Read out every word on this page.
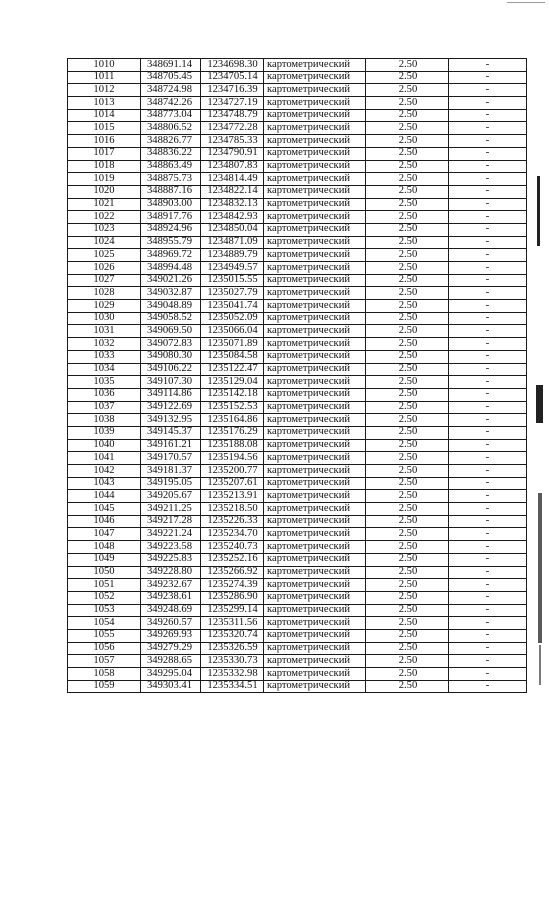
1010	348691.14	1234698.30	картометрический	2.50	-
1011	348705.45	1234705.14	картометрический	2.50	-
1012	348724.98	1234716.39	картометрический	2.50	-
1013	348742.26	1234727.19	картометрический	2.50	-
1014	348773.04	1234748.79	картометрический	2.50	-
1015	348806.52	1234772.28	картометрический	2.50	-
1016	348826.77	1234785.33	картометрический	2.50	-
1017	348836.22	1234790.91	картометрический	2.50	-
1018	348863.49	1234807.83	картометрический	2.50	-
1019	348875.73	1234814.49	картометрический	2.50	-
1020	348887.16	1234822.14	картометрический	2.50	-
1021	348903.00	1234832.13	картометрический	2.50	-
1022	348917.76	1234842.93	картометрический	2.50	-
1023	348924.96	1234850.04	картометрический	2.50	-
1024	348955.79	1234871.09	картометрический	2.50	-
1025	348969.72	1234889.79	картометрический	2.50	-
1026	348994.48	1234949.57	картометрический	2.50	-
1027	349021.26	1235015.55	картометрический	2.50	-
1028	349032.87	1235027.79	картометрический	2.50	-
1029	349048.89	1235041.74	картометрический	2.50	-
1030	349058.52	1235052.09	картометрический	2.50	-
1031	349069.50	1235066.04	картометрический	2.50	-
1032	349072.83	1235071.89	картометрический	2.50	-
1033	349080.30	1235084.58	картометрический	2.50	-
1034	349106.22	1235122.47	картометрический	2.50	-
1035	349107.30	1235129.04	картометрический	2.50	-
1036	349114.86	1235142.18	картометрический	2.50	-
1037	349122.69	1235152.53	картометрический	2.50	-
1038	349132.95	1235164.86	картометрический	2.50	-
1039	349145.37	1235176.29	картометрический	2.50	-
1040	349161.21	1235188.08	картометрический	2.50	-
1041	349170.57	1235194.56	картометрический	2.50	-
1042	349181.37	1235200.77	картометрический	2.50	-
1043	349195.05	1235207.61	картометрический	2.50	-
1044	349205.67	1235213.91	картометрический	2.50	-
1045	349211.25	1235218.50	картометрический	2.50	-
1046	349217.28	1235226.33	картометрический	2.50	-
1047	349221.24	1235234.70	картометрический	2.50	-
1048	349223.58	1235240.73	картометрический	2.50	-
1049	349225.83	1235252.16	картометрический	2.50	-
1050	349228.80	1235266.92	картометрический	2.50	-
1051	349232.67	1235274.39	картометрический	2.50	-
1052	349238.61	1235286.90	картометрический	2.50	-
1053	349248.69	1235299.14	картометрический	2.50	-
1054	349260.57	1235311.56	картометрический	2.50	-
1055	349269.93	1235320.74	картометрический	2.50	-
1056	349279.29	1235326.59	картометрический	2.50	-
1057	349288.65	1235330.73	картометрический	2.50	-
1058	349295.04	1235332.98	картометрический	2.50	-
1059	349303.41	1235334.51	картометрический	2.50	-
